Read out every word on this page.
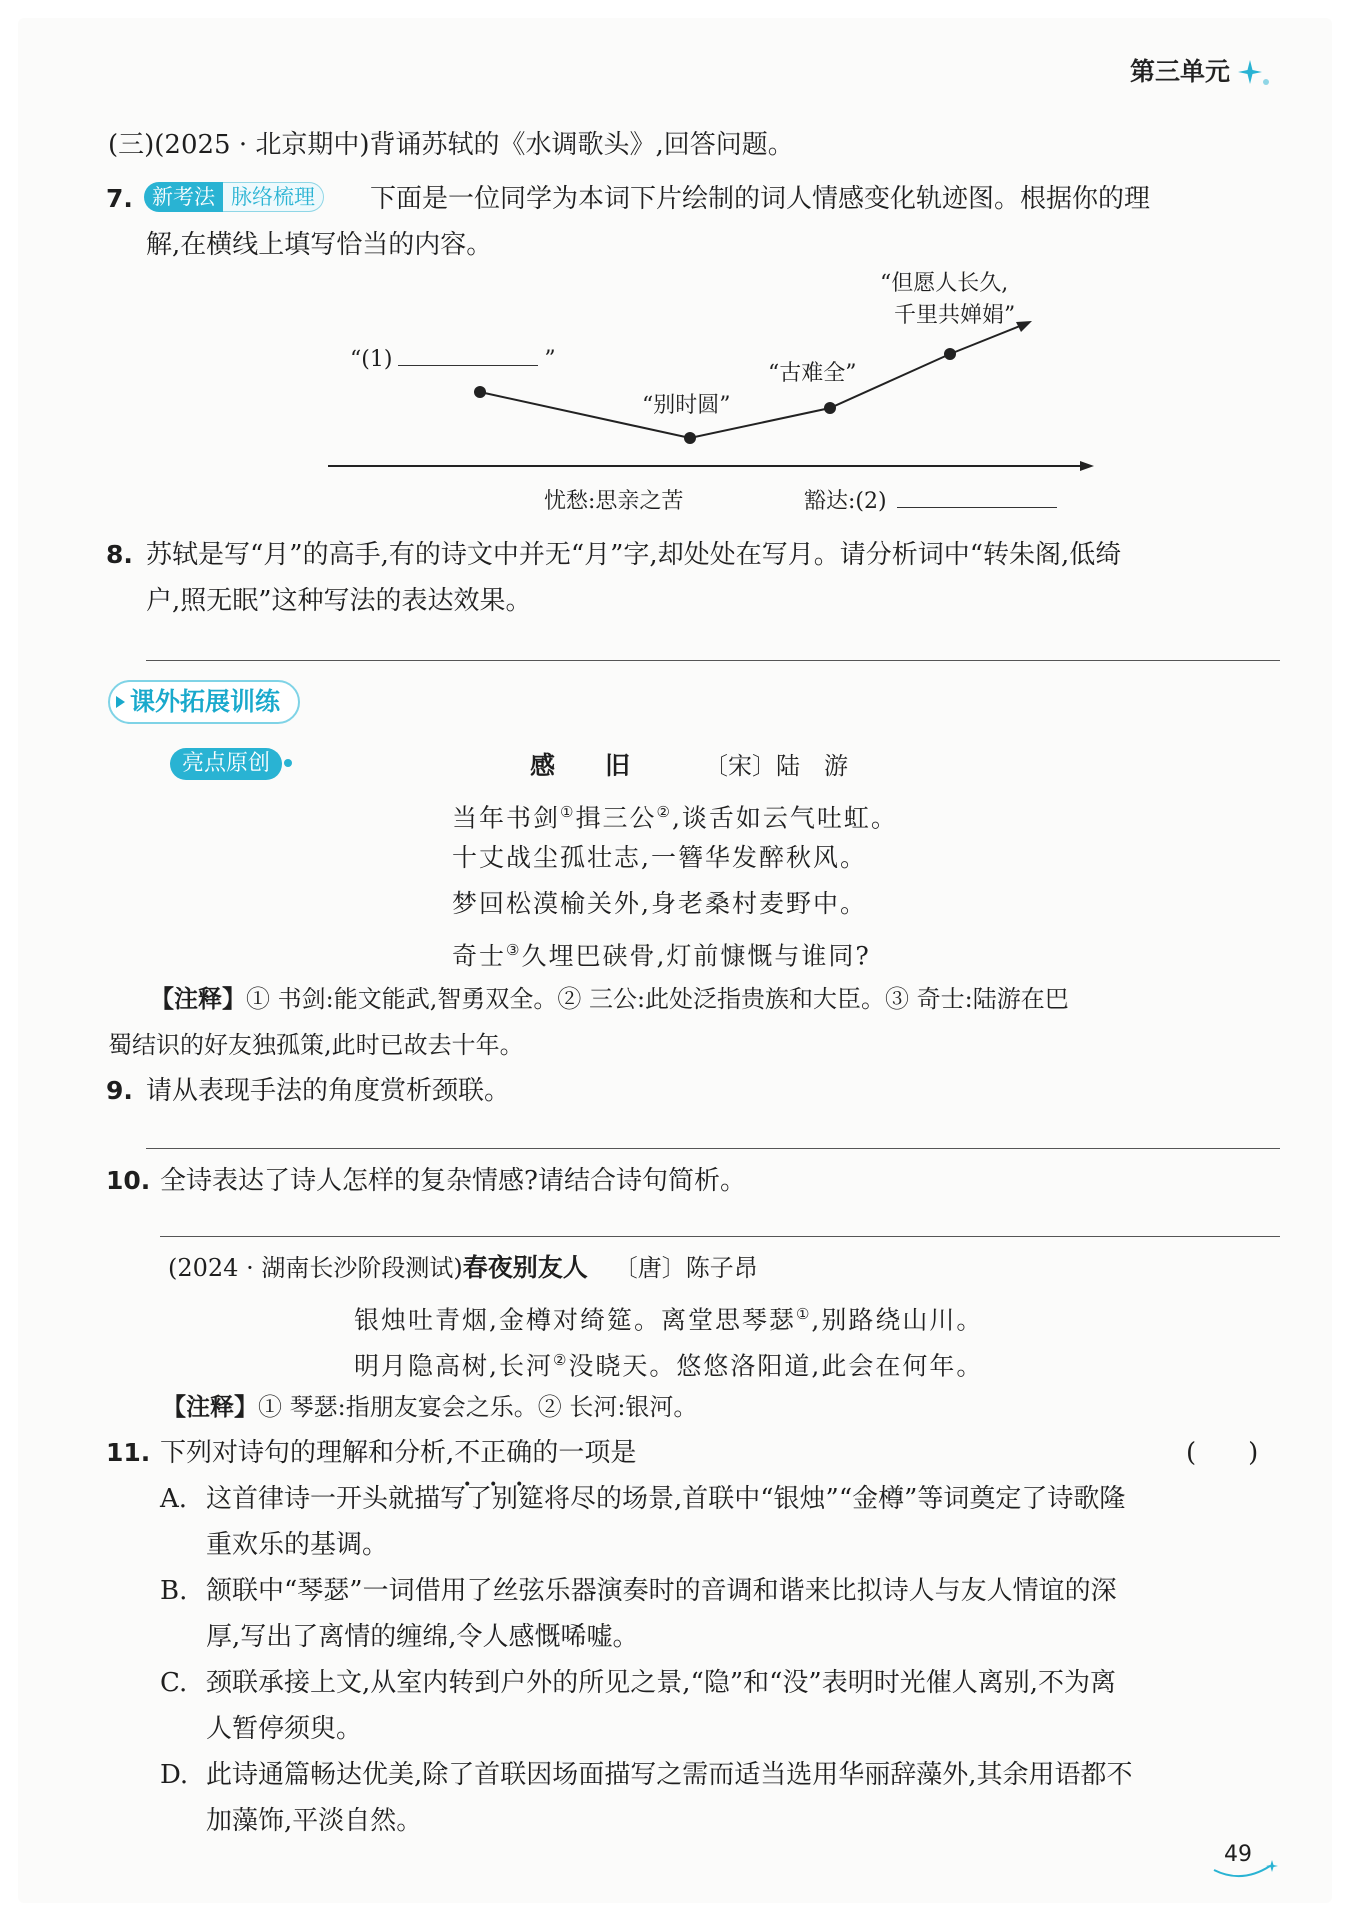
第三单元
(三)(2025 · 北京期中)背诵苏轼的《水调歌头》,回答问题。
7. 新考法 脉络梳理	下面是一位同学为本词下片绘制的词人情感变化轨迹图。根据你的理
解,在横线上填写恰当的内容。
“(1)	”
“别时圆”
“古难全”
“但愿人长久,
千里共婵娟”
忧愁:思亲之苦	豁达:(2)
8. 苏轼是写“月”的高手,有的诗文中并无“月”字,却处处在写月。请分析词中“转朱阁,低绮
户,照无眠”这种写法的表达效果。
课外拓展训练
亮点原创	感　　旧	〔宋〕陆　游
当年书剑①揖三公②,谈舌如云气吐虹。
十丈战尘孤壮志,一簪华发醉秋风。
梦回松漠榆关外,身老桑村麦野中。
奇士③久埋巴硖骨,灯前慷慨与谁同?
【注释】① 书剑:能文能武,智勇双全。② 三公:此处泛指贵族和大臣。③ 奇士:陆游在巴
蜀结识的好友独孤策,此时已故去十年。
9. 请从表现手法的角度赏析颈联。
10. 全诗表达了诗人怎样的复杂情感?请结合诗句简析。
(2024 · 湖南长沙阶段测试)春夜别友人 〔唐〕陈子昂
银烛吐青烟,金樽对绮筵。离堂思琴瑟①,别路绕山川。
明月隐高树,长河②没晓天。悠悠洛阳道,此会在何年。
【注释】① 琴瑟:指朋友宴会之乐。② 长河:银河。
11. 下列对诗句的理解和分析,不正确的一项是	(　　)
A. 这首律诗一开头就描写了别筵将尽的场景,首联中“银烛”“金樽”等词奠定了诗歌隆
重欢乐的基调。
B. 颔联中“琴瑟”一词借用了丝弦乐器演奏时的音调和谐来比拟诗人与友人情谊的深
厚,写出了离情的缠绵,令人感慨唏嘘。
C. 颈联承接上文,从室内转到户外的所见之景,“隐”和“没”表明时光催人离别,不为离
人暂停须臾。
D. 此诗通篇畅达优美,除了首联因场面描写之需而适当选用华丽辞藻外,其余用语都不
加藻饰,平淡自然。
49
